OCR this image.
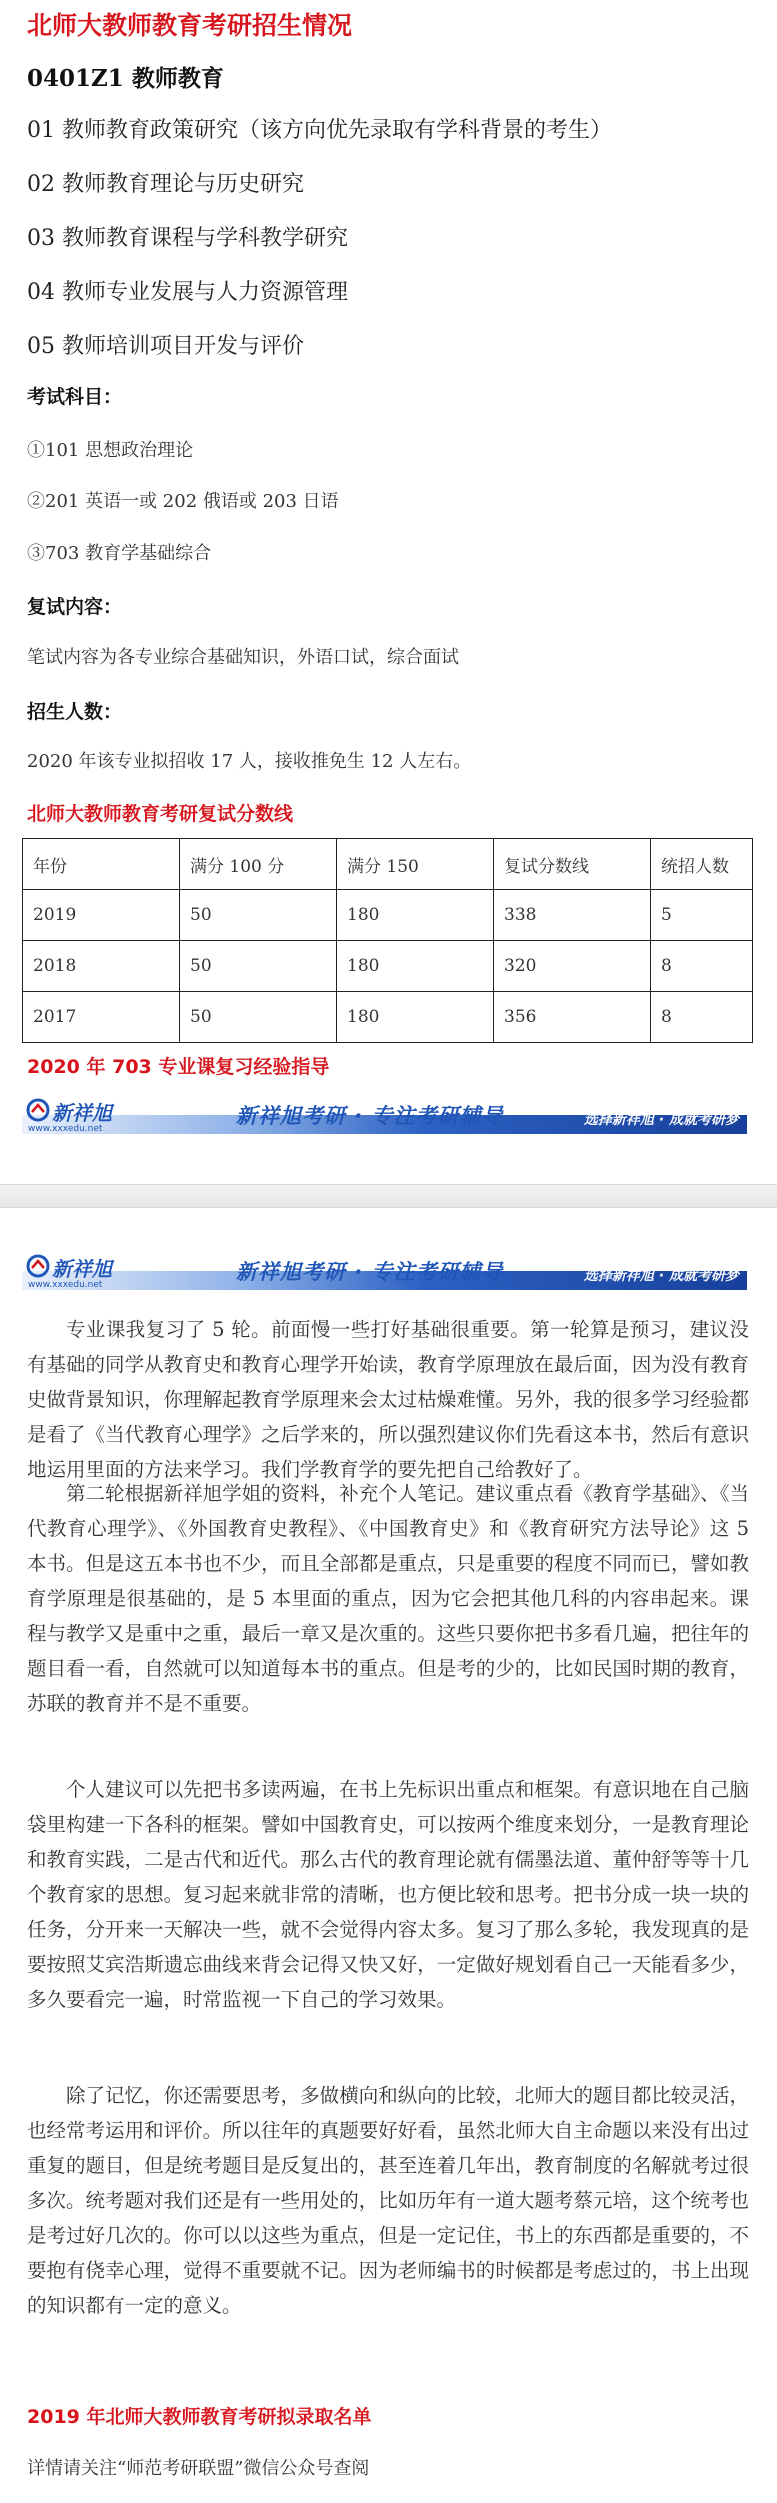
北师大教师教育考研招生情况
0401Z1 教师教育
01 教师教育政策研究（该方向优先录取有学科背景的考生）
02 教师教育理论与历史研究
03 教师教育课程与学科教学研究
04 教师专业发展与人力资源管理
05 教师培训项目开发与评价
考试科目：
①101 思想政治理论
②201 英语一或 202 俄语或 203 日语
③703 教育学基础综合
复试内容：
笔试内容为各专业综合基础知识，外语口试，综合面试
招生人数：
2020 年该专业拟招收 17 人，接收推免生 12 人左右。
北师大教师教育考研复试分数线
年份	满分 100 分	满分 150	复试分数线	统招人数
2019	50	180	338	5
2018	50	180	320	8
2017	50	180	356	8
2020 年 703 专业课复习经验指导
新祥旭
www.xxxedu.net
新祥旭考研 · 专注考研辅导	选择新祥旭 · 成就考研梦
新祥旭
www.xxxedu.net
新祥旭考研 · 专注考研辅导	选择新祥旭 · 成就考研梦

专业课我复习了 5 轮。前面慢一些打好基础很重要。第一轮算是预习，建议没有基础的同学从教育史和教育心理学开始读，教育学原理放在最后面，因为没有教育史做背景知识，你理解起教育学原理来会太过枯燥难懂。另外，我的很多学习经验都是看了《当代教育心理学》之后学来的，所以强烈建议你们先看这本书，然后有意识地运用里面的方法来学习。我们学教育学的要先把自己给教好了。

第二轮根据新祥旭学姐的资料，补充个人笔记。建议重点看《教育学基础》、《当代教育心理学》、《外国教育史教程》、《中国教育史》和《教育研究方法导论》这 5 本书。但是这五本书也不少，而且全部都是重点，只是重要的程度不同而已，譬如教育学原理是很基础的，是 5 本里面的重点，因为它会把其他几科的内容串起来。课程与教学又是重中之重，最后一章又是次重的。这些只要你把书多看几遍，把往年的题目看一看，自然就可以知道每本书的重点。但是考的少的，比如民国时期的教育，苏联的教育并不是不重要。

个人建议可以先把书多读两遍，在书上先标识出重点和框架。有意识地在自己脑袋里构建一下各科的框架。譬如中国教育史，可以按两个维度来划分，一是教育理论和教育实践，二是古代和近代。那么古代的教育理论就有儒墨法道、董仲舒等等十几个教育家的思想。复习起来就非常的清晰，也方便比较和思考。把书分成一块一块的任务，分开来一天解决一些，就不会觉得内容太多。复习了那么多轮，我发现真的是要按照艾宾浩斯遗忘曲线来背会记得又快又好，一定做好规划看自己一天能看多少，多久要看完一遍，时常监视一下自己的学习效果。

除了记忆，你还需要思考，多做横向和纵向的比较，北师大的题目都比较灵活，也经常考运用和评价。所以往年的真题要好好看，虽然北师大自主命题以来没有出过重复的题目，但是统考题目是反复出的，甚至连着几年出，教育制度的名解就考过很多次。统考题对我们还是有一些用处的，比如历年有一道大题考蔡元培，这个统考也是考过好几次的。你可以以这些为重点，但是一定记住，书上的东西都是重要的，不要抱有侥幸心理，觉得不重要就不记。因为老师编书的时候都是考虑过的，书上出现的知识都有一定的意义。

2019 年北师大教师教育考研拟录取名单
详情请关注“师范考研联盟”微信公众号查阅
